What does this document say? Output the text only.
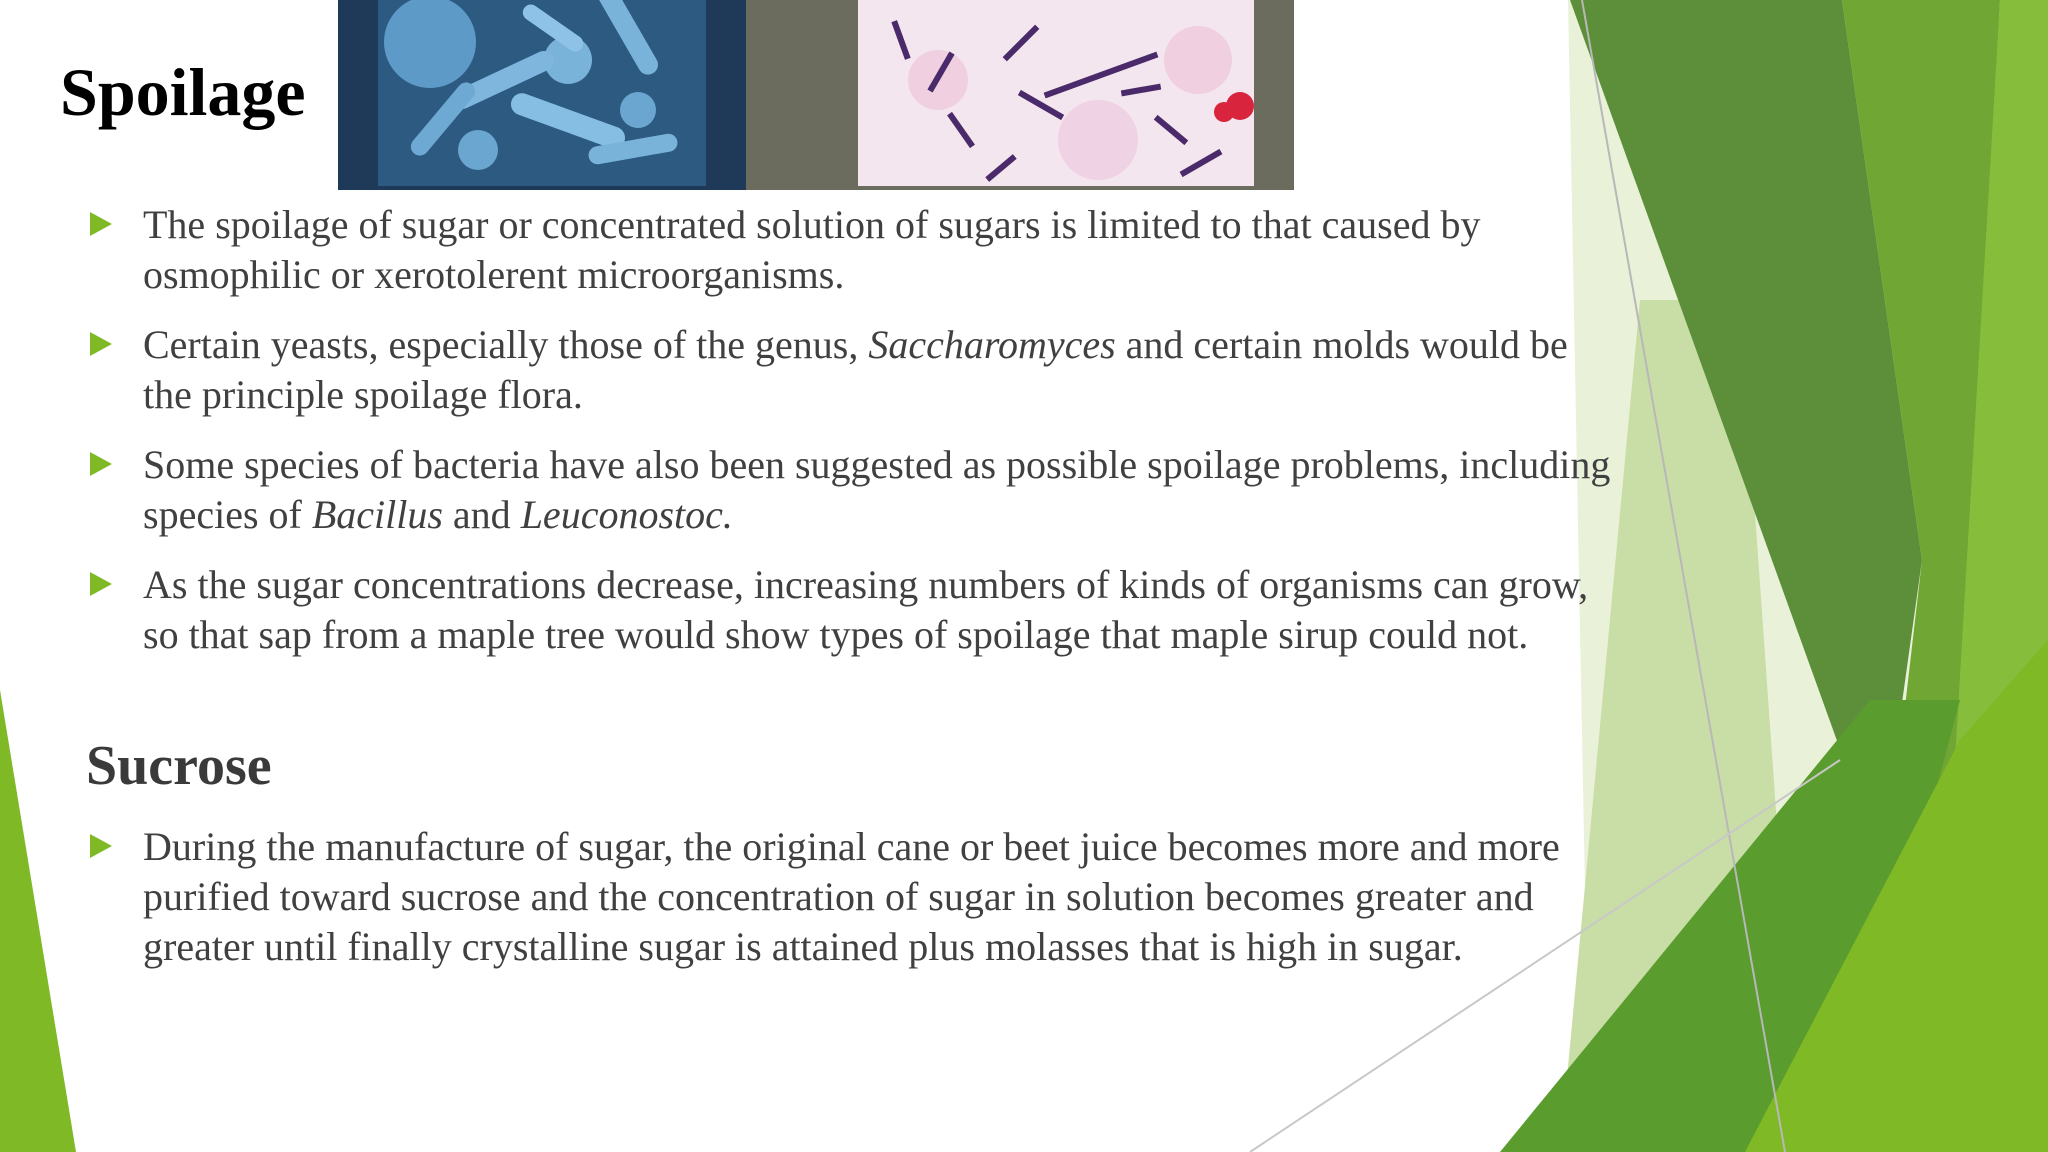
Spoilage
The spoilage of sugar or concentrated solution of sugars is limited to that caused by osmophilic or xerotolerent microorganisms.
Certain yeasts, especially those of the genus, Saccharomyces and certain molds would be the principle spoilage flora.
Some species of bacteria have also been suggested as possible spoilage problems, including species of Bacillus and Leuconostoc.
As the sugar concentrations decrease, increasing numbers of kinds of organisms can grow, so that sap from a maple tree would show types of spoilage that maple sirup could not.
Sucrose
During the manufacture of sugar, the original cane or beet juice becomes more and more purified toward sucrose and the concentration of sugar in solution becomes greater and greater until finally crystalline sugar is attained plus molasses that is high in sugar.
